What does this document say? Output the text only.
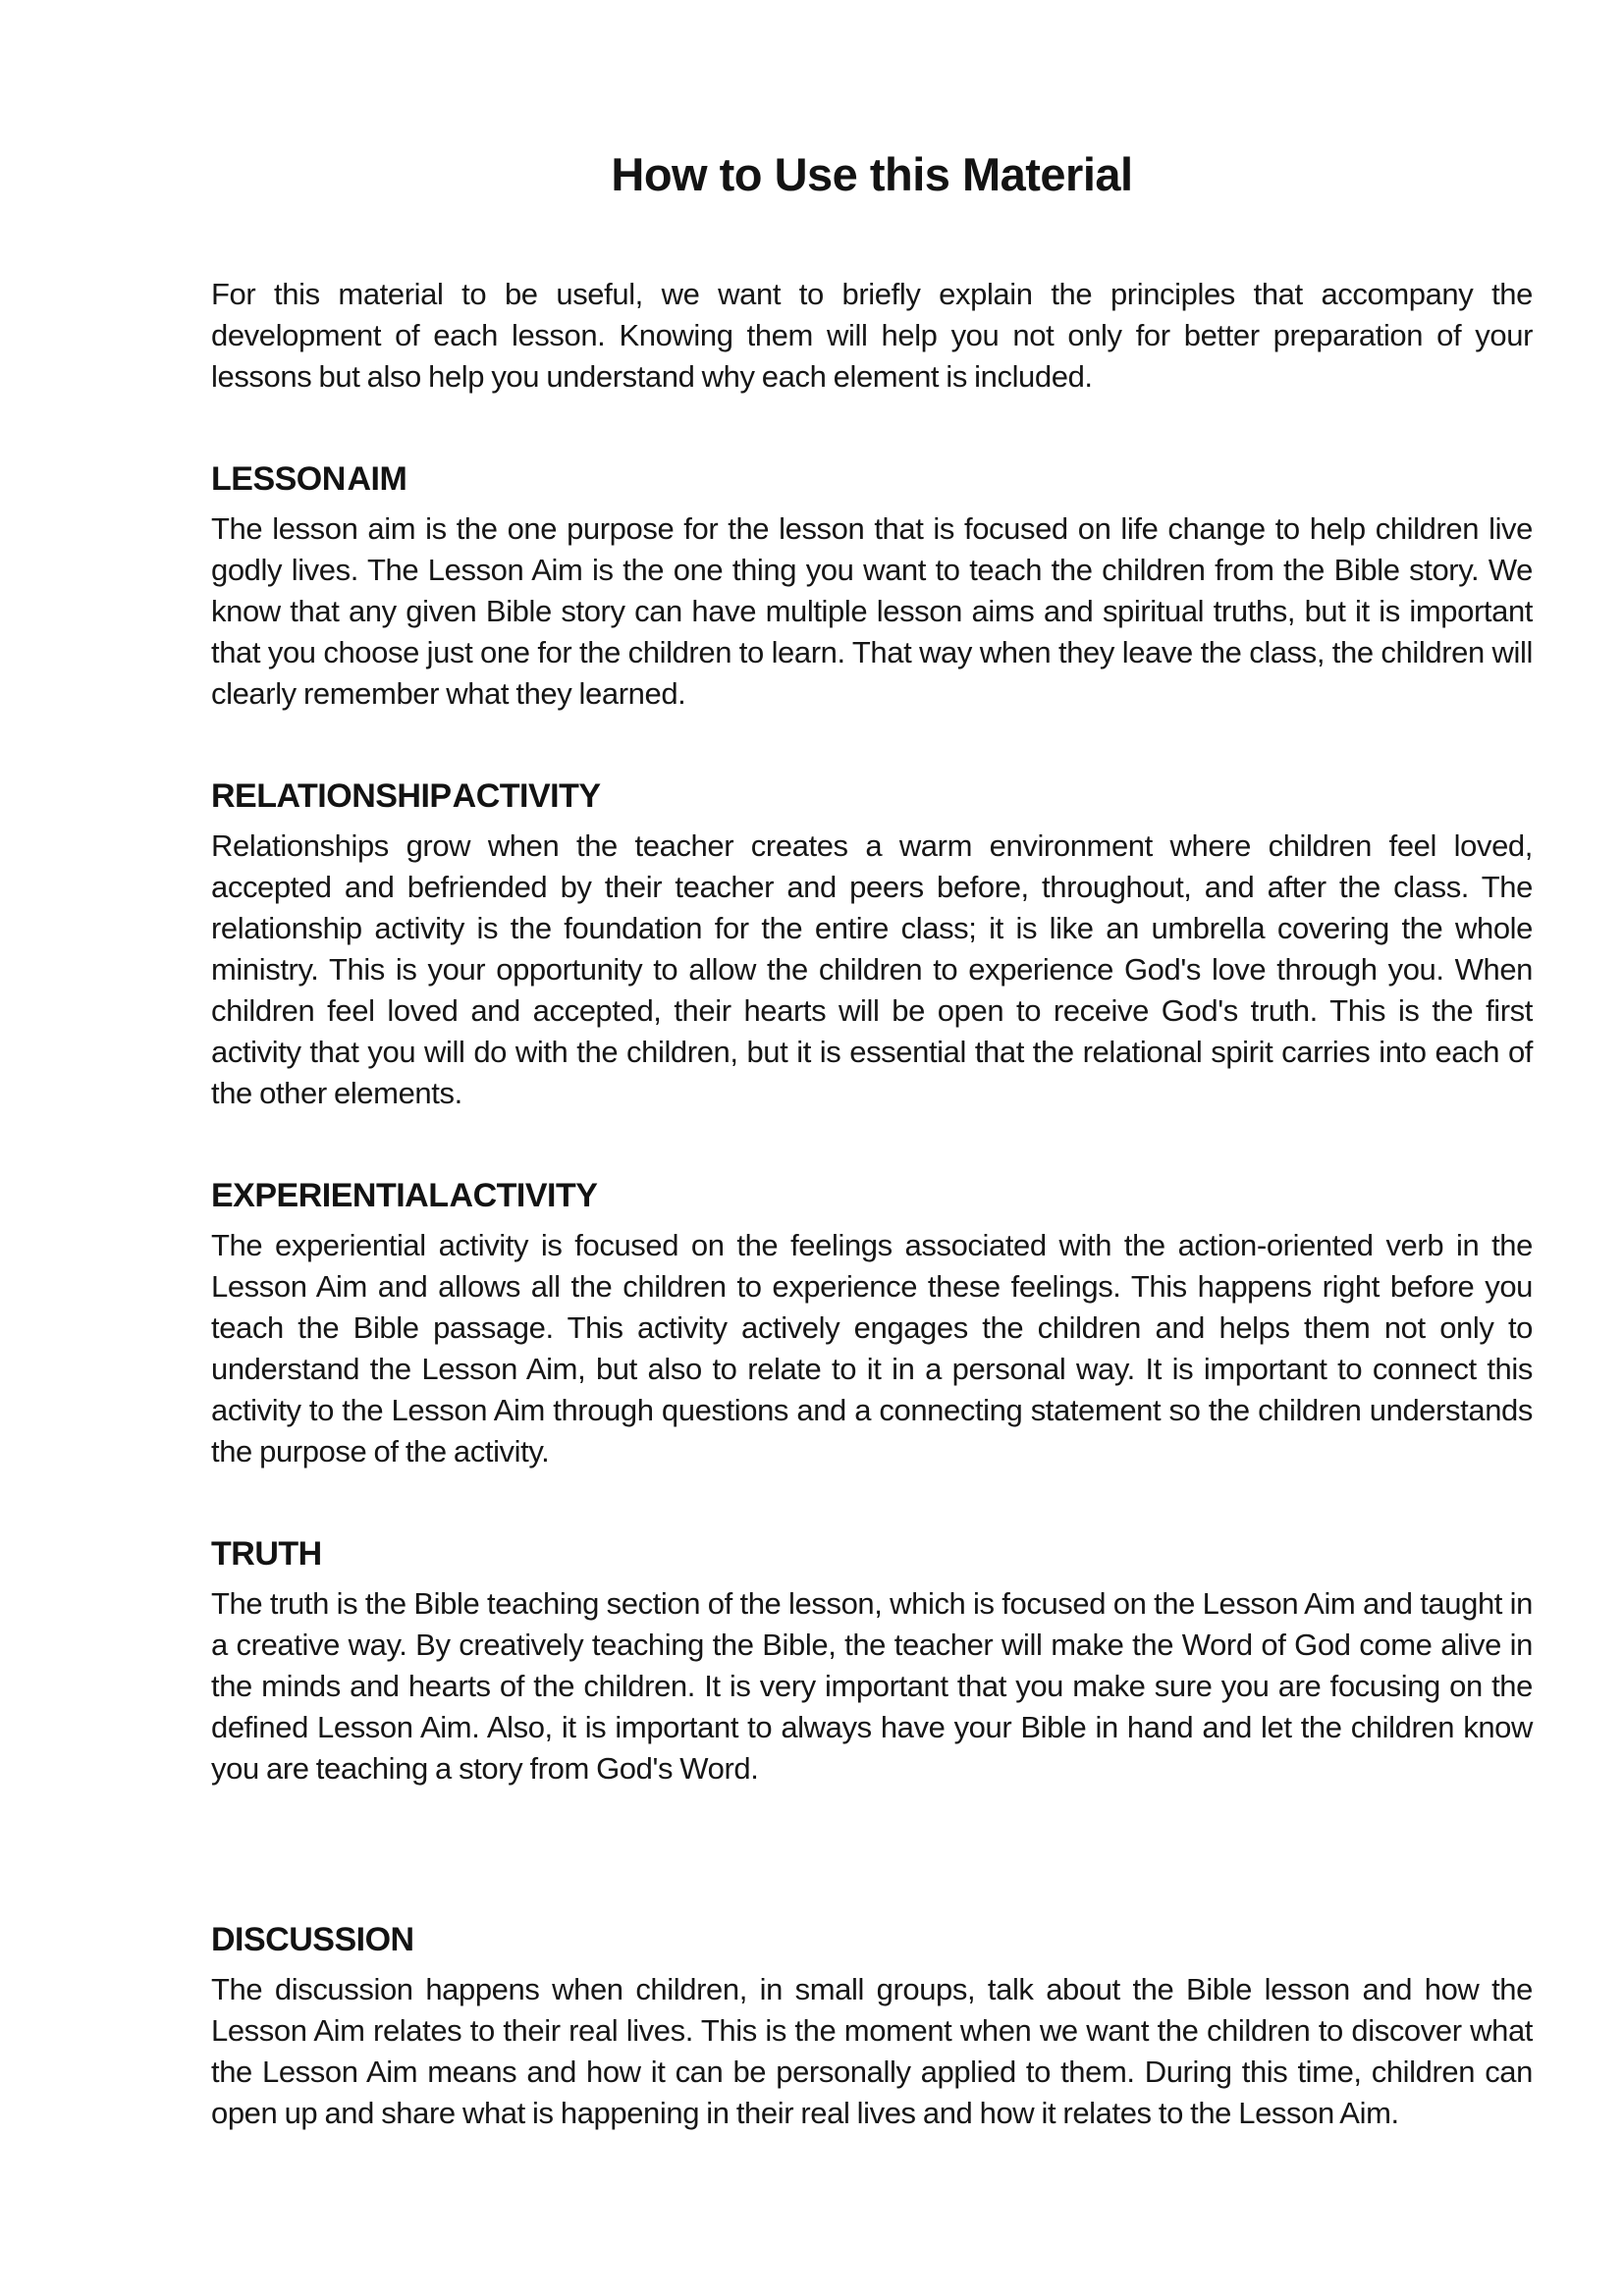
How to Use this Material

For this material to be useful, we want to briefly explain the principles that accompany the development of each lesson. Knowing them will help you not only for better preparation of your lessons but also help you understand why each element is included.

LESSON AIM

The lesson aim is the one purpose for the lesson that is focused on life change to help children live godly lives. The Lesson Aim is the one thing you want to teach the children from the Bible story. We know that any given Bible story can have multiple lesson aims and spiritual truths, but it is important that you choose just one for the children to learn. That way when they leave the class, the children will clearly remember what they learned.

RELATIONSHIP ACTIVITY

Relationships grow when the teacher creates a warm environment where children feel loved, accepted and befriended by their teacher and peers before, throughout, and after the class. The relationship activity is the foundation for the entire class; it is like an umbrella covering the whole ministry. This is your opportunity to allow the children to experience God's love through you. When children feel loved and accepted, their hearts will be open to receive God's truth. This is the first activity that you will do with the children, but it is essential that the relational spirit carries into each of the other elements.

EXPERIENTIAL ACTIVITY

The experiential activity is focused on the feelings associated with the action-oriented verb in the Lesson Aim and allows all the children to experience these feelings. This happens right before you teach the Bible passage. This activity actively engages the children and helps them not only to understand the Lesson Aim, but also to relate to it in a personal way. It is important to connect this activity to the Lesson Aim through questions and a connecting statement so the children understands the purpose of the activity.

TRUTH

The truth is the Bible teaching section of the lesson, which is focused on the Lesson Aim and taught in a creative way. By creatively teaching the Bible, the teacher will make the Word of God come alive in the minds and hearts of the children. It is very important that you make sure you are focusing on the defined Lesson Aim. Also, it is important to always have your Bible in hand and let the children know you are teaching a story from God's Word.

DISCUSSION

The discussion happens when children, in small groups, talk about the Bible lesson and how the Lesson Aim relates to their real lives. This is the moment when we want the children to discover what the Lesson Aim means and how it can be personally applied to them. During this time, children can open up and share what is happening in their real lives and how it relates to the Lesson Aim.
